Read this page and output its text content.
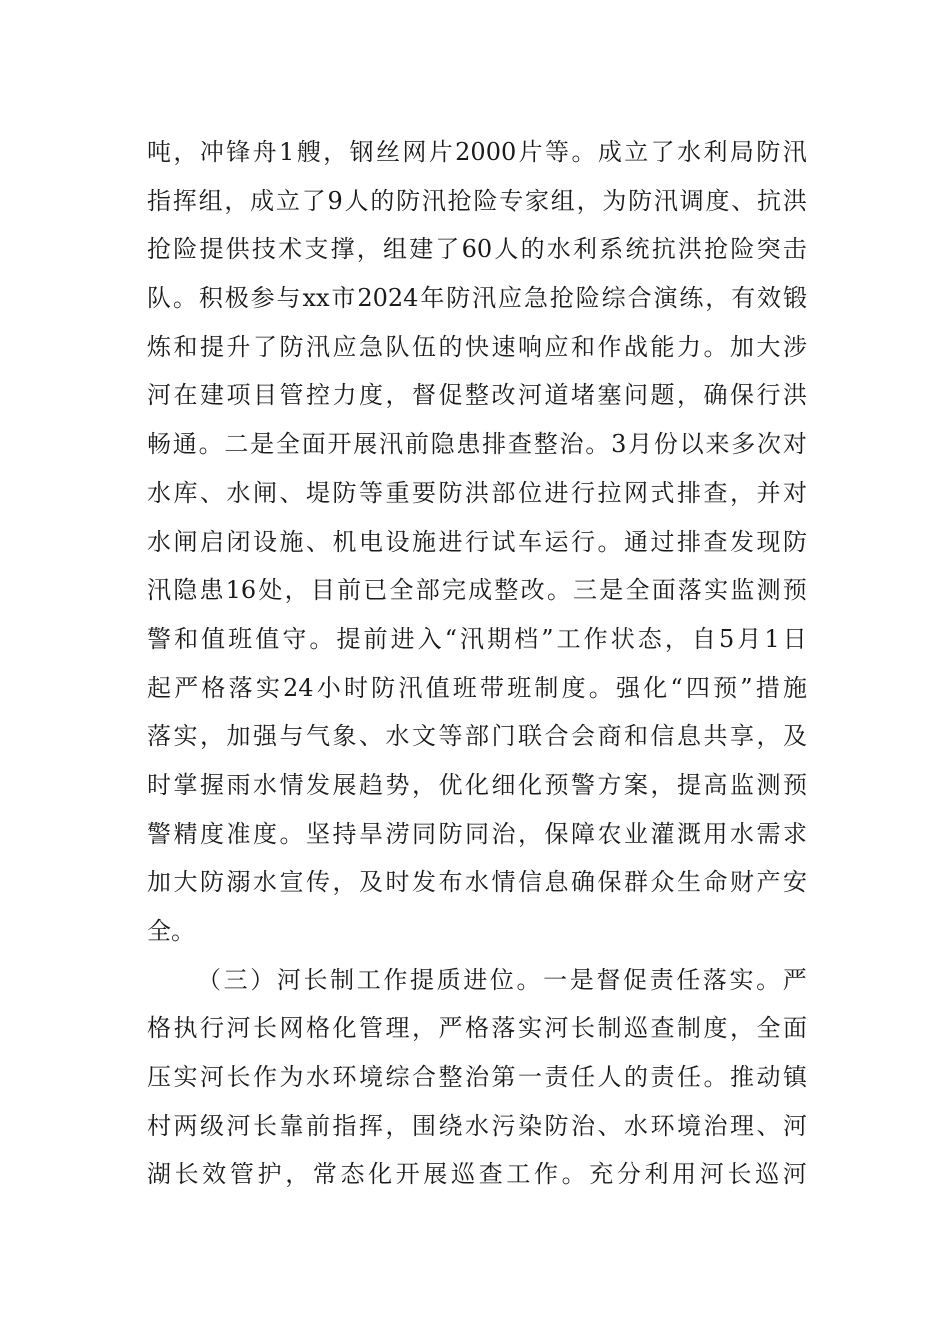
吨 ， 冲 锋 舟 1 艘 ， 钢 丝 网 片 2000 片 等 。 成 立 了 水 利 局 防 汛
指 挥 组 ， 成 立 了 9 人 的 防 汛 抢 险 专 家 组 ， 为 防 汛 调 度 、 抗 洪
抢 险 提 供 技 术 支 撑 ， 组 建 了 60 人 的 水 利 系 统 抗 洪 抢 险 突 击
队 。 积 极 参 与 xx 市 2024 年 防 汛 应 急 抢 险 综 合 演 练 ， 有 效 锻
炼 和 提 升 了 防 汛 应 急 队 伍 的 快 速 响 应 和 作 战 能 力 。 加 大 涉
河 在 建 项 目 管 控 力 度 ， 督 促 整 改 河 道 堵 塞 问 题 ， 确 保 行 洪
畅 通 。 二 是 全 面 开 展 汛 前 隐 患 排 查 整 治 。 3 月 份 以 来 多 次 对
水 库 、 水 闸 、 堤 防 等 重 要 防 洪 部 位 进 行 拉 网 式 排 查 ， 并 对
水 闸 启 闭 设 施 、 机 电 设 施 进 行 试 车 运 行 。 通 过 排 查 发 现 防
汛 隐 患 16 处 ， 目 前 已 全 部 完 成 整 改 。 三 是 全 面 落 实 监 测 预
警 和 值 班 值 守 。 提 前 进 入 “ 汛 期 档 ” 工 作 状 态 ， 自 5 月 1 日
起 严 格 落 实 24 小 时 防 汛 值 班 带 班 制 度 。 强 化 “ 四 预 ” 措 施
落 实 ， 加 强 与 气 象 、 水 文 等 部 门 联 合 会 商 和 信 息 共 享 ， 及
时 掌 握 雨 水 情 发 展 趋 势 ， 优 化 细 化 预 警 方 案 ， 提 高 监 测 预
警 精 度 准 度 。 坚 持 旱 涝 同 防 同 治 ， 保 障 农 业 灌 溉 用 水 需 求
加 大 防 溺 水 宣 传 ， 及 时 发 布 水 情 信 息 确 保 群 众 生 命 财 产 安
全 。
（ 三 ） 河 长 制 工 作 提 质 进 位 。 一 是 督 促 责 任 落 实 。 严
格 执 行 河 长 网 格 化 管 理 ， 严 格 落 实 河 长 制 巡 查 制 度 ， 全 面
压 实 河 长 作 为 水 环 境 综 合 整 治 第 一 责 任 人 的 责 任 。 推 动 镇
村 两 级 河 长 靠 前 指 挥 ， 围 绕 水 污 染 防 治 、 水 环 境 治 理 、 河
湖 长 效 管 护 ， 常 态 化 开 展 巡 查 工 作 。 充 分 利 用 河 长 巡 河
